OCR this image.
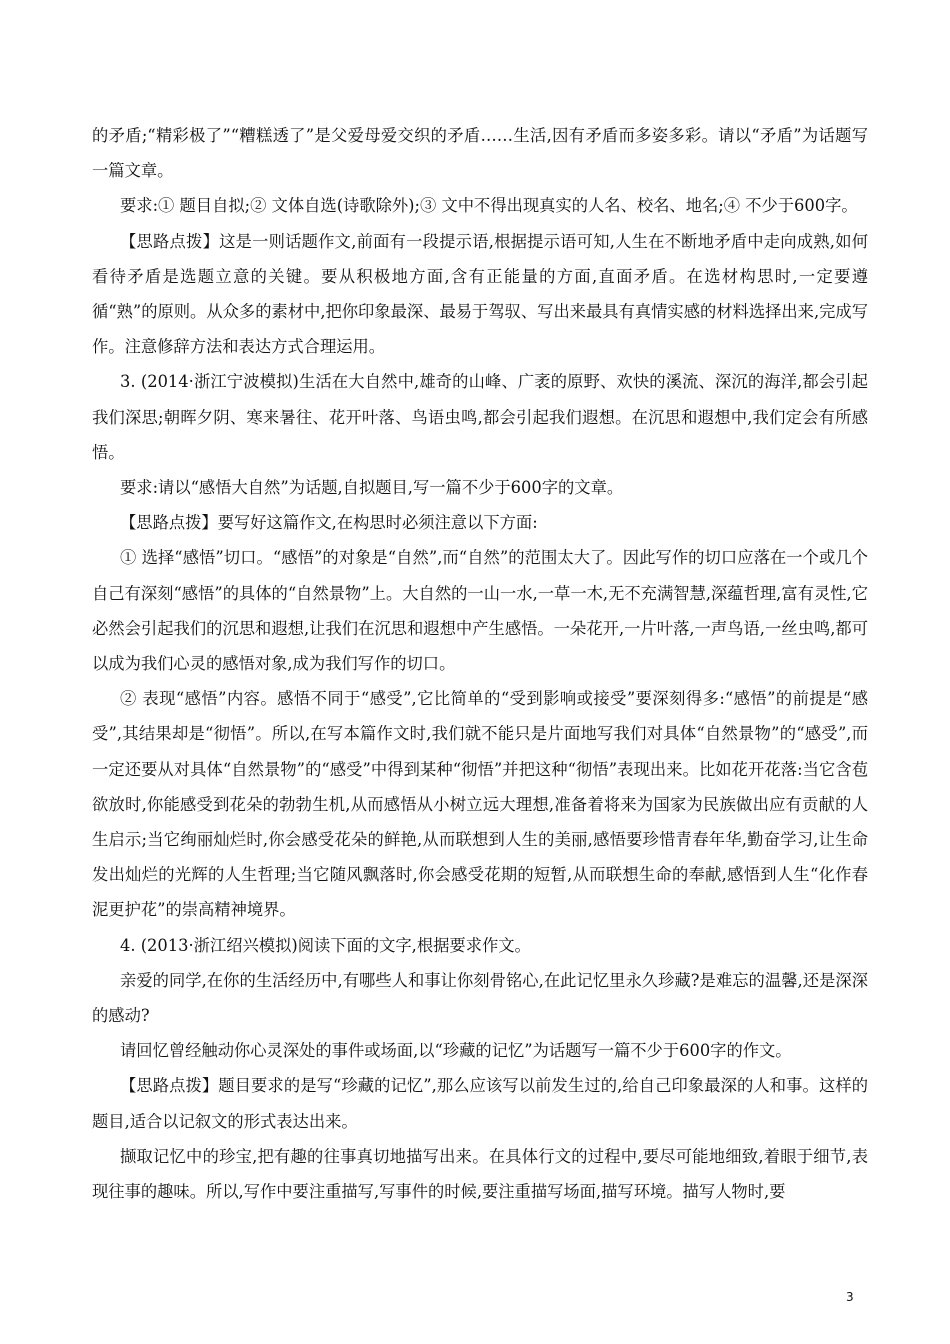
的矛盾;“精彩极了”“糟糕透了”是父爱母爱交织的矛盾……生活,因有矛盾而多姿多彩。请以“矛盾”为话题写一篇文章。

要求:① 题目自拟;② 文体自选(诗歌除外);③ 文中不得出现真实的人名、校名、地名;④ 不少于600字。

【思路点拨】这是一则话题作文,前面有一段提示语,根据提示语可知,人生在不断地矛盾中走向成熟,如何看待矛盾是选题立意的关键。要从积极地方面,含有正能量的方面,直面矛盾。在选材构思时,一定要遵循“熟”的原则。从众多的素材中,把你印象最深、最易于驾驭、写出来最具有真情实感的材料选择出来,完成写作。注意修辞方法和表达方式合理运用。

3. (2014·浙江宁波模拟)生活在大自然中,雄奇的山峰、广袤的原野、欢快的溪流、深沉的海洋,都会引起我们深思;朝晖夕阴、寒来暑往、花开叶落、鸟语虫鸣,都会引起我们遐想。在沉思和遐想中,我们定会有所感悟。

要求:请以“感悟大自然”为话题,自拟题目,写一篇不少于600字的文章。

【思路点拨】要写好这篇作文,在构思时必须注意以下方面:

① 选择“感悟”切口。“感悟”的对象是“自然”,而“自然”的范围太大了。因此写作的切口应落在一个或几个自己有深刻“感悟”的具体的“自然景物”上。大自然的一山一水,一草一木,无不充满智慧,深蕴哲理,富有灵性,它必然会引起我们的沉思和遐想,让我们在沉思和遐想中产生感悟。一朵花开,一片叶落,一声鸟语,一丝虫鸣,都可以成为我们心灵的感悟对象,成为我们写作的切口。

② 表现“感悟”内容。感悟不同于“感受”,它比简单的“受到影响或接受”要深刻得多:“感悟”的前提是“感受”,其结果却是“彻悟”。所以,在写本篇作文时,我们就不能只是片面地写我们对具体“自然景物”的“感受”,而一定还要从对具体“自然景物”的“感受”中得到某种“彻悟”并把这种“彻悟”表现出来。比如花开花落:当它含苞欲放时,你能感受到花朵的勃勃生机,从而感悟从小树立远大理想,准备着将来为国家为民族做出应有贡献的人生启示;当它绚丽灿烂时,你会感受花朵的鲜艳,从而联想到人生的美丽,感悟要珍惜青春年华,勤奋学习,让生命发出灿烂的光辉的人生哲理;当它随风飘落时,你会感受花期的短暂,从而联想生命的奉献,感悟到人生“化作春泥更护花”的崇高精神境界。

4. (2013·浙江绍兴模拟)阅读下面的文字,根据要求作文。

亲爱的同学,在你的生活经历中,有哪些人和事让你刻骨铭心,在此记忆里永久珍藏?是难忘的温馨,还是深深的感动?

请回忆曾经触动你心灵深处的事件或场面,以“珍藏的记忆”为话题写一篇不少于600字的作文。

【思路点拨】题目要求的是写“珍藏的记忆”,那么应该写以前发生过的,给自己印象最深的人和事。这样的题目,适合以记叙文的形式表达出来。

撷取记忆中的珍宝,把有趣的往事真切地描写出来。在具体行文的过程中,要尽可能地细致,着眼于细节,表现往事的趣味。所以,写作中要注重描写,写事件的时候,要注重描写场面,描写环境。描写人物时,要

3
